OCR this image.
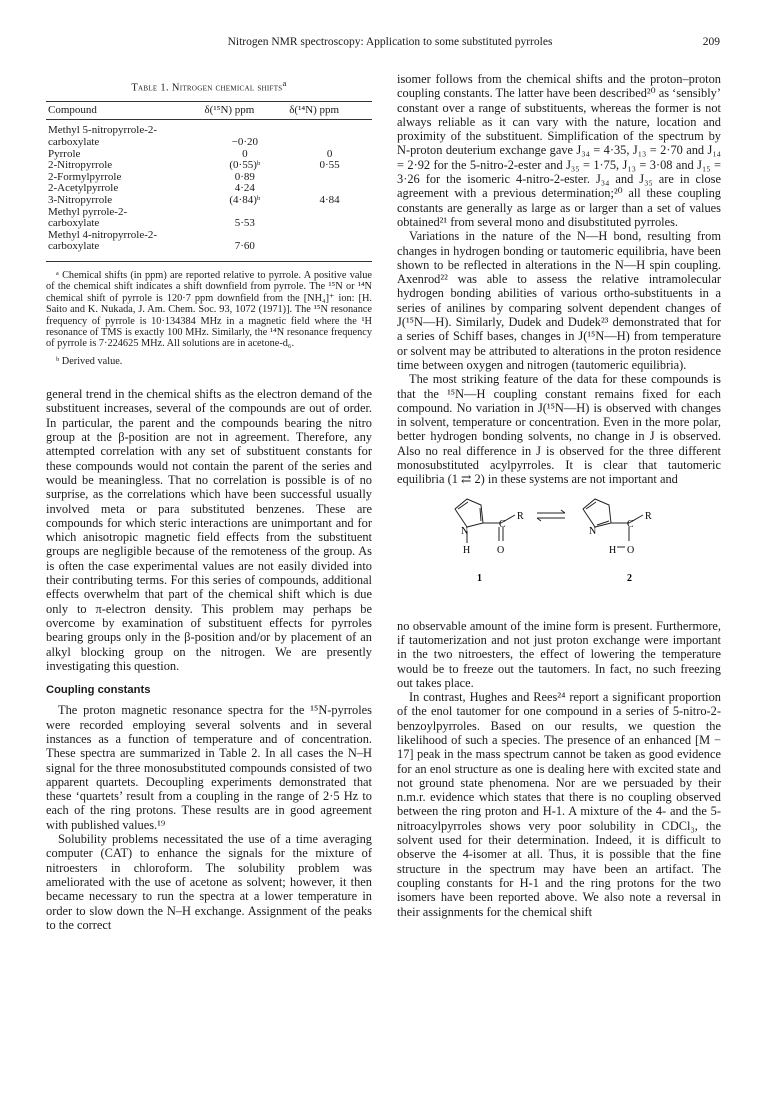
Nitrogen NMR spectroscopy: Application to some substituted pyrroles	209
Table 1. Nitrogen chemical shifts$^a$
Compound	δ(¹⁵N) ppm	δ(¹⁴N) ppm
Methyl 5-nitropyrrole-2-		
carboxylate	−0·20	
Pyrrole	0	0
2-Nitropyrrole	(0·55)ᵇ	0·55
2-Formylpyrrole	0·89	
2-Acetylpyrrole	4·24	
3-Nitropyrrole	(4·84)ᵇ	4·84
Methyl pyrrole-2-		
carboxylate	5·53	
Methyl 4-nitropyrrole-2-		
carboxylate	7·60	

ᵃ Chemical shifts (in ppm) are reported relative to pyrrole. A positive value of the chemical shift indicates a shift downfield from pyrrole. The ¹⁵N or ¹⁴N chemical shift of pyrrole is 120·7 ppm downfield from the [NH₄]⁺ ion: [H. Saito and K. Nukada, J. Am. Chem. Soc. 93, 1072 (1971)]. The ¹⁵N resonance frequency of pyrrole is 10·134384 MHz in a magnetic field where the ¹H resonance of TMS is exactly 100 MHz. Similarly, the ¹⁴N resonance frequency of pyrrole is 7·224625 MHz. All solutions are in acetone-d₆.

ᵇ Derived value.

general trend in the chemical shifts as the electron demand of the substituent increases, several of the compounds are out of order. In particular, the parent and the compounds bearing the nitro group at the β-position are not in agreement. Therefore, any attempted correlation with any set of substituent constants for these compounds would not contain the parent of the series and would be meaningless. That no correlation is possible is of no surprise, as the correlations which have been successful usually involved meta or para substituted benzenes. These are compounds for which steric interactions are unimportant and for which anisotropic magnetic field effects from the substituent groups are negligible because of the remoteness of the group. As is often the case experimental values are not easily divided into their contributing terms. For this series of compounds, additional effects overwhelm that part of the chemical shift which is due only to π-electron density. This problem may perhaps be overcome by examination of substituent effects for pyrroles bearing groups only in the β-position and/or by placement of an alkyl blocking group on the nitrogen. We are presently investigating this question.

Coupling constants

The proton magnetic resonance spectra for the ¹⁵N-pyrroles were recorded employing several solvents and in several instances as a function of temperature and of concentration. These spectra are summarized in Table 2. In all cases the N–H signal for the three monosubstituted compounds consisted of two apparent quartets. Decoupling experiments demonstrated that these ‘quartets’ result from a coupling in the range of 2·5 Hz to each of the ring protons. These results are in good agreement with published values.¹⁹

Solubility problems necessitated the use of a time averaging computer (CAT) to enhance the signals for the mixture of nitroesters in chloroform. The solubility problem was ameliorated with the use of acetone as solvent; however, it then became necessary to run the spectra at a lower temperature in order to slow down the N–H exchange. Assignment of the peaks to the correct

isomer follows from the chemical shifts and the proton–proton coupling constants. The latter have been described²⁰ as ‘sensibly’ constant over a range of substituents, whereas the former is not always reliable as it can vary with the nature, location and proximity of the substituent. Simplification of the spectrum by N-proton deuterium exchange gave J₃₄ = 4·35, J₁₃ = 2·70 and J₁₄ = 2·92 for the 5-nitro-2-ester and J₃₅ = 1·75, J₁₃ = 3·08 and J₁₅ = 3·26 for the isomeric 4-nitro-2-ester. J₃₄ and J₃₅ are in close agreement with a previous determination;²⁰ all these coupling constants are generally as large as or larger than a set of values obtained²¹ from several mono and disubstituted pyrroles.

Variations in the nature of the N—H bond, resulting from changes in hydrogen bonding or tautomeric equilibria, have been shown to be reflected in alterations in the N—H spin coupling. Axenrod²² was able to assess the relative intramolecular hydrogen bonding abilities of various ortho-substituents in a series of anilines by comparing solvent dependent changes of J(¹⁵N—H). Similarly, Dudek and Dudek²³ demonstrated that for a series of Schiff bases, changes in J(¹⁵N—H) from temperature or solvent may be attributed to alterations in the proton residence time between oxygen and nitrogen (tautomeric equilibria).

The most striking feature of the data for these compounds is that the ¹⁵N—H coupling constant remains fixed for each compound. No variation in J(¹⁵N—H) is observed with changes in solvent, temperature or concentration. Even in the more polar, better hydrogen bonding solvents, no change in J is observed. Also no real difference in J is observed for the three different monosubstituted acylpyrroles. It is clear that tautomeric equilibria (1 ⇄ 2) in these systems are not important and

N
C
R
H	O
1
N
C
R
H O
2

no observable amount of the imine form is present. Furthermore, if tautomerization and not just proton exchange were important in the two nitroesters, the effect of lowering the temperature would be to freeze out the tautomers. In fact, no such freezing out takes place.

In contrast, Hughes and Rees²⁴ report a significant proportion of the enol tautomer for one compound in a series of 5-nitro-2-benzoylpyrroles. Based on our results, we question the likelihood of such a species. The presence of an enhanced [M − 17] peak in the mass spectrum cannot be taken as good evidence for an enol structure as one is dealing here with excited state and not ground state phenomena. Nor are we persuaded by their n.m.r. evidence which states that there is no coupling observed between the ring proton and H-1. A mixture of the 4- and the 5-nitroacylpyrroles shows very poor solubility in CDCl₃, the solvent used for their determination. Indeed, it is difficult to observe the 4-isomer at all. Thus, it is possible that the fine structure in the spectrum may have been an artifact. The coupling constants for H-1 and the ring protons for the two isomers have been reported above. We also note a reversal in their assignments for the chemical shift
